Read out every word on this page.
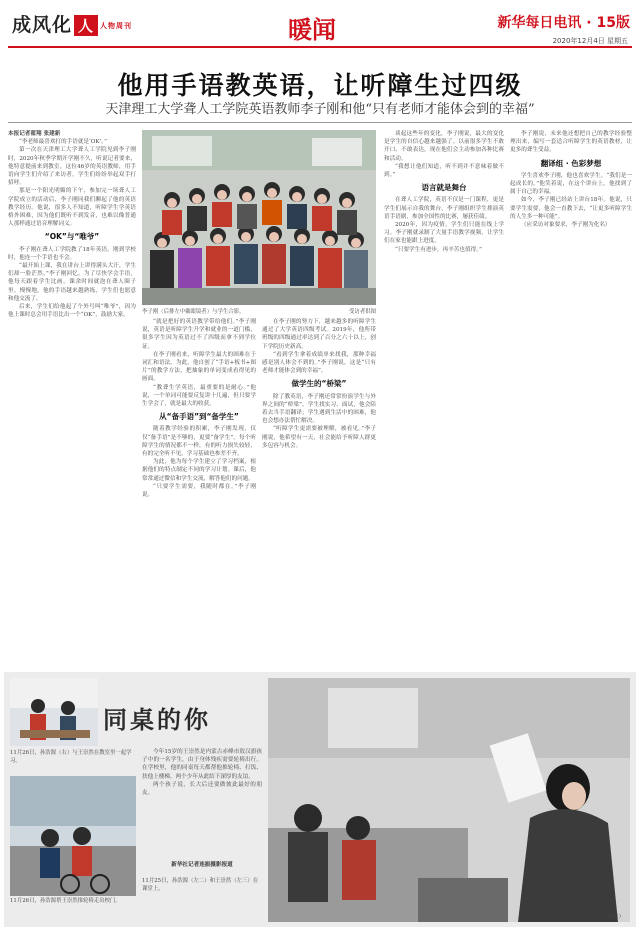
成风化 人 人物周刊	暖闻	新华每日电讯 · 15版
2020年12月4日 星期五
他用手语教英语，让听障生过四级
天津理工大学聋人工学院英语教师李子刚和他“只有老师才能体会到的幸福”

本报记者翟翔 张建新

“李老师最喜欢打的手语就是‘OK’。”

第一次在天津理工大学聋人工学院见到李子刚时，2020年秋季学期开学刚不久，听说记者要来，他特意提前来到教室。这位46岁的英语教师，用手语向学生们介绍了来访者，学生们纷纷举起双手打招呼。

那是一个阳光明媚的下午，参加完一场聋人工学院成立的活动后，李子刚同我们聊起了他的英语教学经历。他说，很多人不知道，听障学生学英语格外困难，因为他们既听不到发音，也难以像普通人那样通过语音理解词义。

“OK”与“唯爷”

李子刚在聋人工学院教了18年英语。刚到学校时，他连一个手语也不会。

“最开始上课，我在讲台上讲得满头大汗，学生们却一脸茫然。”李子刚回忆。为了尽快学会手语，他每天跟着学生比画，课余时间就泡在聋人圈子里。慢慢地，他的手语越来越熟练，学生们也愿意和他交流了。

后来，学生们给他起了个外号叫“唯爷”，因为他上课时总会用手语比出一个“OK”，鼓励大家。

李子刚（后排左中戴眼镜者）与学生合影。	受访者供图

“就是把好的英语教学带给他们。”李子刚说，英语是听障学生升学和就业的一道门槛，很多学生因为英语过不了四级而拿不到学位证。

在李子刚看来，听障学生最大的困难在于词汇和语法。为此，他自创了“手语+板书+图片”的教学方法，把抽象的单词变成看得见的画面。

“教聋生学英语，最重要的是耐心。”他说，一个单词可能要反复讲十几遍，但只要学生学会了，就是最大的收获。

从“备手语”到“备学生”

随着教学经验的积累，李子刚发现，仅仅“备手语”是不够的，更要“备学生”。每个听障学生的情况都不一样，有的听力损失较轻，有的完全听不见，学习基础也参差不齐。

为此，他为每个学生建立了学习档案，根据他们的特点制定不同的学习计划。课后，他常常通过微信和学生交流，解答他们的问题。

“只要学生需要，我随时都在。”李子刚说。

在李子刚的努力下，越来越多的听障学生通过了大学英语四级考试。2019年，他所带班级的四级通过率达到了百分之六十以上，创下学院历史新高。

“看到学生拿着成绩单来找我，那种幸福感是别人体会不到的。”李子刚说，这是“只有老师才能体会到的幸福”。

做学生的“桥梁”

除了教英语，李子刚还常常扮演学生与外界之间的“桥梁”。学生找实习、面试，他会陪着去当手语翻译；学生遇到生活中的困难，他也会想办法帮忙解决。

“听障学生更需要被理解，被看见。”李子刚说，他希望有一天，社会能给予听障人群更多包容与机会。

谈起这些年的变化，李子刚说，最大的变化是学生的自信心越来越强了。以前很多学生不敢开口、不敢表达，现在他们会主动参加各种比赛和活动。

“我想让他们知道，听不到并不意味着做不到。”

语言就是舞台

在聋人工学院，英语不仅是一门课程，更是学生们展示自我的舞台。李子刚组织学生排演英语手语剧，参加全国性的比赛，屡获佳绩。

2020年，因为疫情，学生们只能在线上学习。李子刚就录制了大量手语教学视频，让学生们在家也能跟上进度。

“只要学生有进步，再辛苦也值得。”

李子刚说，未来他还想把自己的教学经验整理出来，编写一套适合听障学生的英语教材，让更多的聋生受益。

翻译组 · 色彩梦想

学生喜欢李子刚，他也喜欢学生。“我们是一起成长的。”他笑着说，在这个讲台上，他找到了属于自己的幸福。

如今，李子刚已经站上讲台18年。他说，只要学生需要，他会一直教下去，“让更多听障学生的人生多一种可能”。

（应采访对象要求，李子刚为化名）

11月26日，孙浩源（右）与王崇然在教室里一起学习。
同桌的你
11月26日，孙浩源帮王崇然推轮椅走出校门。

今年15岁的王崇然是内蒙古赤峰市敖汉旗孩子中的一名学生，由于身体残疾需要轮椅出行。在学校里，他的同桌每天都帮他推轮椅、打饭、扶他上楼梯，两个少年从此结下深厚的友谊。

两个孩子说，长大后还要做彼此最好的朋友。

新华社记者连振摄影报道
11月25日，孙浩源（左二）和王崇然（左三）在课堂上。
（吴宇 刘吉）
